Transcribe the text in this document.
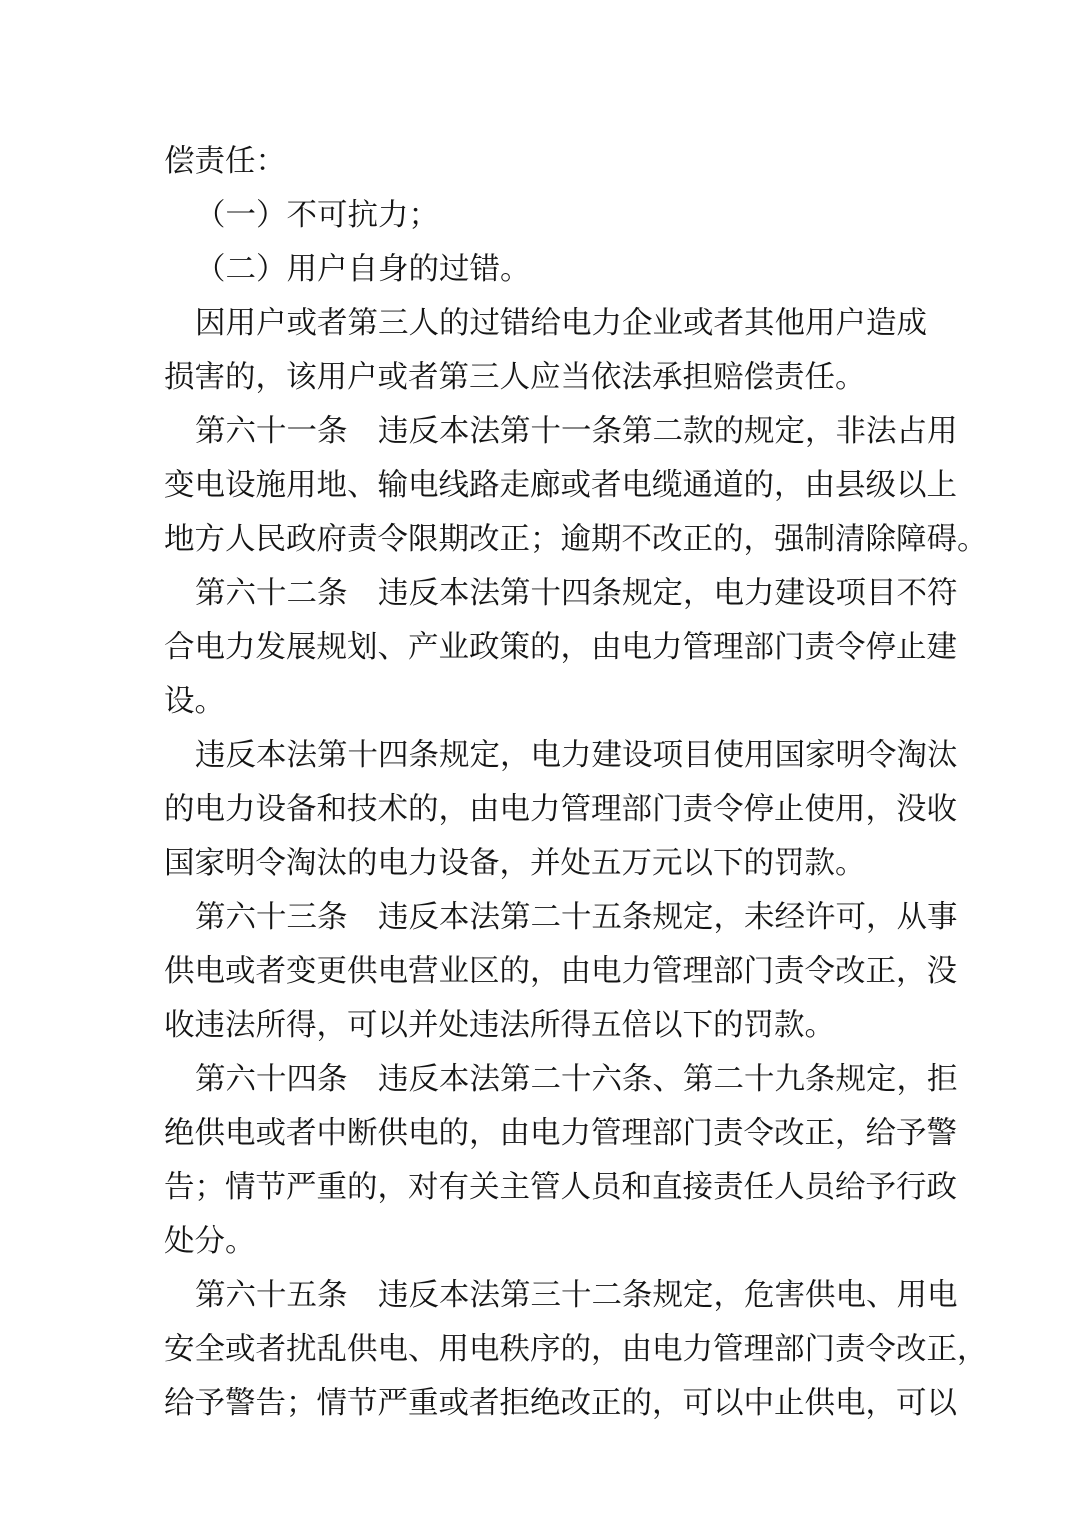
偿责任：
（一）不可抗力；
（二）用户自身的过错。
因用户或者第三人的过错给电力企业或者其他用户造成
损害的，该用户或者第三人应当依法承担赔偿责任。
第六十一条　违反本法第十一条第二款的规定，非法占用
变电设施用地、输电线路走廊或者电缆通道的，由县级以上
地方人民政府责令限期改正；逾期不改正的，强制清除障碍。
第六十二条　违反本法第十四条规定，电力建设项目不符
合电力发展规划、产业政策的，由电力管理部门责令停止建
设。
违反本法第十四条规定，电力建设项目使用国家明令淘汰
的电力设备和技术的，由电力管理部门责令停止使用，没收
国家明令淘汰的电力设备，并处五万元以下的罚款。
第六十三条　违反本法第二十五条规定，未经许可，从事
供电或者变更供电营业区的，由电力管理部门责令改正，没
收违法所得，可以并处违法所得五倍以下的罚款。
第六十四条　违反本法第二十六条、第二十九条规定，拒
绝供电或者中断供电的，由电力管理部门责令改正，给予警
告；情节严重的，对有关主管人员和直接责任人员给予行政
处分。
第六十五条　违反本法第三十二条规定，危害供电、用电
安全或者扰乱供电、用电秩序的，由电力管理部门责令改正，
给予警告；情节严重或者拒绝改正的，可以中止供电，可以
